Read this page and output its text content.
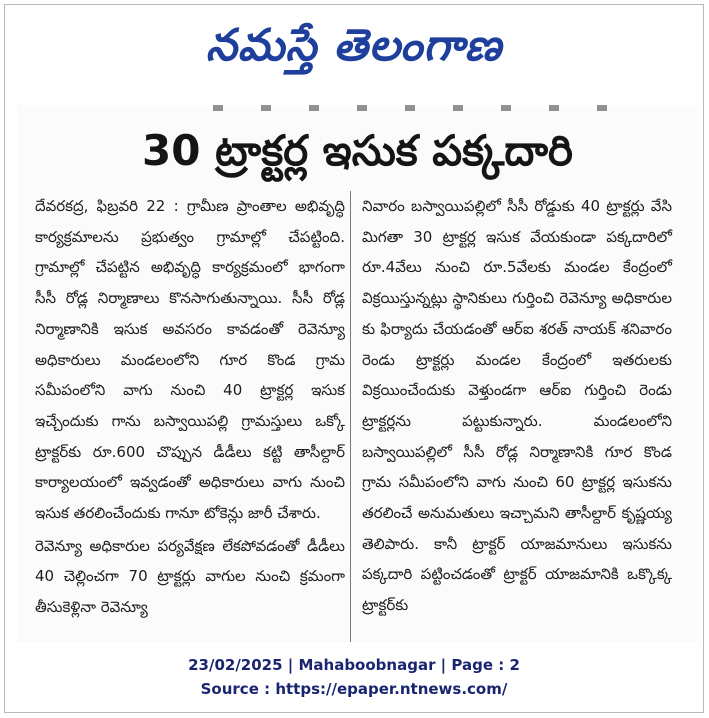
నమస్తే తెలంగాణ
30 ట్రాక్టర్ల ఇసుక పక్కదారి

దేవరకద్ర, ఫిబ్రవరి 22 : గ్రామీణ ప్రాంతాల అభివృద్ధి కార్యక్రమాలను ప్రభుత్వం గ్రామాల్లో చేపట్టింది. గ్రామాల్లో చేపట్టిన అభివృద్ధి కార్యక్రమంలో భాగంగా సీసీ రోడ్ల నిర్మాణాలు కొనసాగుతున్నాయి. సీసీ రోడ్ల నిర్మాణానికి ఇసుక అవసరం కావడంతో రెవెన్యూ అధికారులు మండలంలోని గూర కొండ గ్రామ సమీపంలోని వాగు నుంచి 40 ట్రాక్టర్ల ఇసుక ఇచ్చేందుకు గాను బస్వాయిపల్లి గ్రామస్తులు ఒక్కో ట్రాక్టర్‌కు రూ.600 చొప్పున డీడీలు కట్టి తాసీల్దార్ కార్యాలయంలో ఇవ్వడంతో అధికారులు వాగు నుంచి ఇసుక తరలించేందుకు గానూ టోకెన్లు జారీ చేశారు.

రెవెన్యూ అధికారుల పర్యవేక్షణ లేకపోవడంతో డీడీలు 40 చెల్లించగా 70 ట్రాక్టర్లు వాగుల నుంచి క్రమంగా తీసుకెళ్లినా రెవెన్యూ

నివారం బస్వాయిపల్లిలో సీసీ రోడ్డుకు 40 ట్రాక్టర్లు వేసి మిగతా 30 ట్రాక్టర్ల ఇసుక వేయకుండా పక్కదారిలో రూ.4వేలు నుంచి రూ.5వేలకు మండల కేంద్రంలో విక్రయిస్తున్నట్లు స్థానికులు గుర్తించి రెవెన్యూ అధికారుల కు ఫిర్యాదు చేయడంతో ఆర్ఐ శరత్ నాయక్ శనివారం రెండు ట్రాక్టర్లు మండల కేంద్రంలో ఇతరులకు విక్రయించేందుకు వెళ్తుండగా ఆర్ఐ గుర్తించి రెండు ట్రాక్టర్లను పట్టుకున్నారు. మండలంలోని బస్వాయిపల్లిలో సీసీ రోడ్ల నిర్మాణానికి గూర కొండ గ్రామ సమీపంలోని వాగు నుంచి 60 ట్రాక్టర్ల ఇసుకను తరలించే అనుమతులు ఇచ్చామని తాసీల్దార్ కృష్ణయ్య తెలిపారు. కానీ ట్రాక్టర్ యాజమానులు ఇసుకను పక్కదారి పట్టించడంతో ట్రాక్టర్ యాజమానికి ఒక్కొక్క ట్రాక్టర్‌కు

23/02/2025 | Mahaboobnagar | Page : 2
Source : https://epaper.ntnews.com/
